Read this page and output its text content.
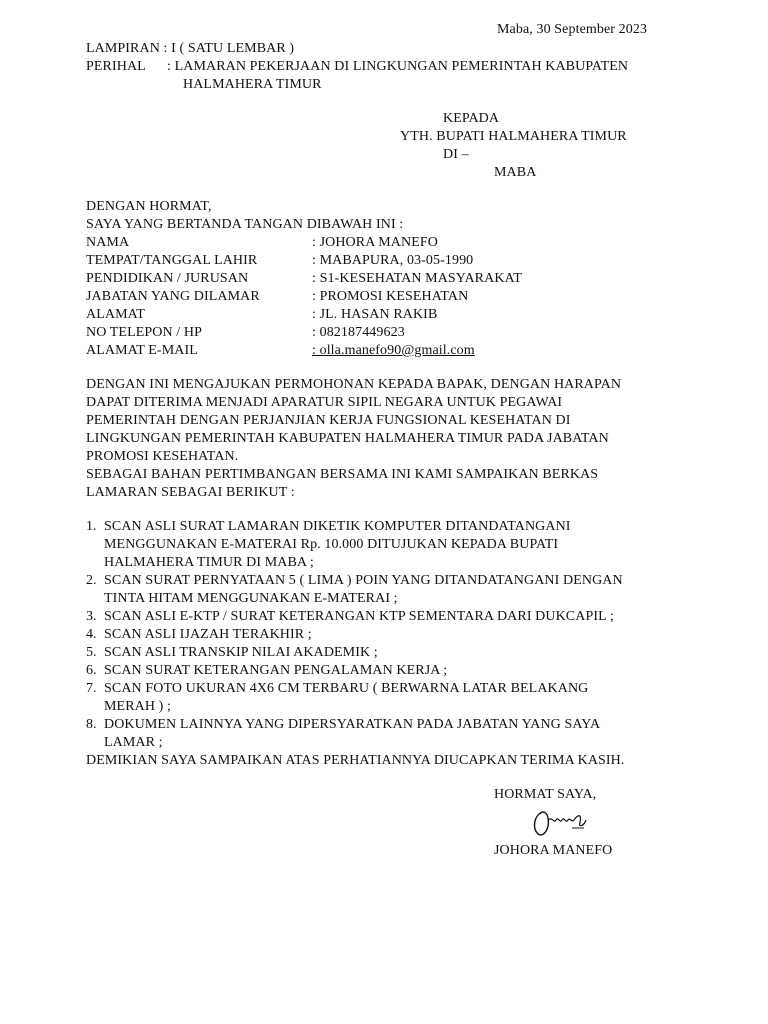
Maba, 30 September 2023
LAMPIRAN : I ( SATU LEMBAR )
PERIHAL : LAMARAN PEKERJAAN DI LINGKUNGAN PEMERINTAH KABUPATEN
HALMAHERA TIMUR
KEPADA
YTH. BUPATI HALMAHERA TIMUR
DI –
MABA
DENGAN HORMAT,
SAYA YANG BERTANDA TANGAN DIBAWAH INI :
NAMA	: JOHORA MANEFO
TEMPAT/TANGGAL LAHIR	: MABAPURA, 03-05-1990
PENDIDIKAN / JURUSAN	: S1-KESEHATAN MASYARAKAT
JABATAN YANG DILAMAR	: PROMOSI KESEHATAN
ALAMAT	: JL. HASAN RAKIB
NO TELEPON / HP	: 082187449623
ALAMAT E-MAIL	: olla.manefo90@gmail.com
DENGAN INI MENGAJUKAN PERMOHONAN KEPADA BAPAK, DENGAN HARAPAN
DAPAT DITERIMA MENJADI APARATUR SIPIL NEGARA UNTUK PEGAWAI
PEMERINTAH DENGAN PERJANJIAN KERJA FUNGSIONAL KESEHATAN DI
LINGKUNGAN PEMERINTAH KABUPATEN HALMAHERA TIMUR PADA JABATAN
PROMOSI KESEHATAN.
SEBAGAI BAHAN PERTIMBANGAN BERSAMA INI KAMI SAMPAIKAN BERKAS
LAMARAN SEBAGAI BERIKUT :
1. SCAN ASLI SURAT LAMARAN DIKETIK KOMPUTER DITANDATANGANI
MENGGUNAKAN E-MATERAI Rp. 10.000 DITUJUKAN KEPADA BUPATI
HALMAHERA TIMUR DI MABA ;
2. SCAN SURAT PERNYATAAN 5 ( LIMA ) POIN YANG DITANDATANGANI DENGAN
TINTA HITAM MENGGUNAKAN E-MATERAI ;
3. SCAN ASLI E-KTP / SURAT KETERANGAN KTP SEMENTARA DARI DUKCAPIL ;
4. SCAN ASLI IJAZAH TERAKHIR ;
5. SCAN ASLI TRANSKIP NILAI AKADEMIK ;
6. SCAN SURAT KETERANGAN PENGALAMAN KERJA ;
7. SCAN FOTO UKURAN 4X6 CM TERBARU ( BERWARNA LATAR BELAKANG
MERAH ) ;
8. DOKUMEN LAINNYA YANG DIPERSYARATKAN PADA JABATAN YANG SAYA
LAMAR ;
DEMIKIAN SAYA SAMPAIKAN ATAS PERHATIANNYA DIUCAPKAN TERIMA KASIH.
HORMAT SAYA,
JOHORA MANEFO
